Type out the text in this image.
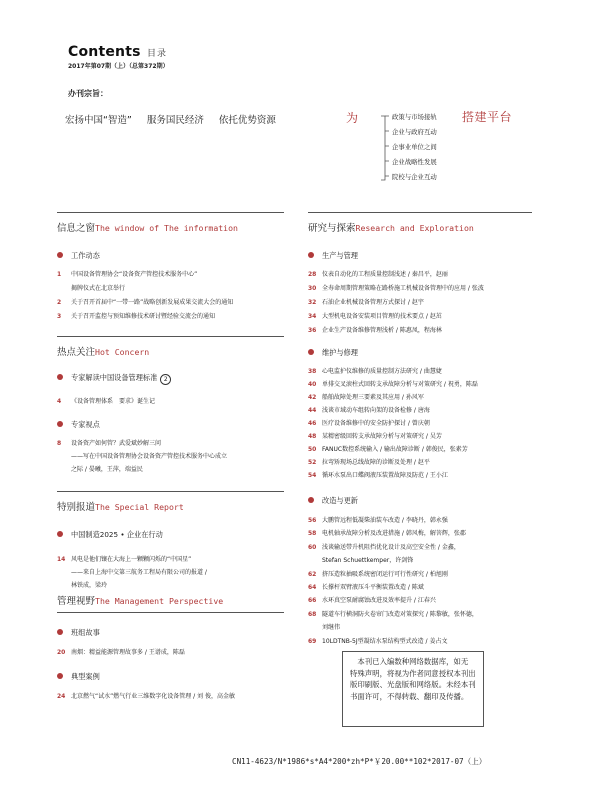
Contents 目录
2017年第07期（上）（总第372期）
办刊宗旨：
宏扬中国“智造” 服务国民经济 依托优势资源	为	政策与市场接轨
企业与政府互动
企事业单位之间
企业战略性发展
院校与企业互动
搭建平台
信息之窗The window of The information
工作动态
1 中国设备管理协会“设备资产管控技术服务中心”
揭牌仪式在北京举行
2 关于召开首届中“一带一路”战略创新发展成果交流大会的通知
3 关于召开监控与预知维修技术研讨暨经验交流会的通知
热点关注Hot Concern
专家解读中国设备管理标准 2
4 《设备管理体系　要求》诞生记
专家视点
8 设备资产如何管？武爱斌妙解三问
——写在中国设备管理协会设备资产管控技术服务中心成立
之际 / 晏曦，王萍，端益民
特别报道The Special Report
中国制造2025 • 企业在行动
14 风电是他们镶在大海上一颗颗闪烁的“中国星”
——来自上海中交第三航务工程局有限公司的报道 /
林铁成，梁玲
管理视野The Management Perspective
班组故事
20 南烟：精益能源管理故事多 / 王谱成，陈磊
典型案例
24 北京燃气“试水”燃气行业三维数字化设备管理 / 刘 俊，高金敏
研究与探索Research and Exploration
生产与管理
28 仪表自动化的工程质量控制浅述 / 秦昌平，赵丽
30 全寿命周期管理策略在路桥施工机械设备管理中的应用 / 张波
32 石油企业机械设备管理方式探讨 / 赵宇
34 大型机电设备安装项目管理的技术要点 / 赵茁
36 企业生产设备维修管理浅析 / 陈惠凤，程海林
维护与修理
38 心电监护仪维修的质量控制方法研究 / 曲慧婕
40 单排交叉滚柱式回转支承故障分析与对策研究 / 祝勇，陈磊
42 船舶故障处理三要素及其应用 / 孙风军
44 浅谈市域动车组转向架的设备检修 / 唐海
46 医疗设备维修中的安全防护探讨 / 曾庆朝
48 某精密级回转支承故障分析与对策研究 / 吴芳
50 FANUC数控系统输入 / 输出故障诊断 / 韩俊民，张素芳
52 拉弯矫现场总线故障的诊断及处理 / 赵平
54 循环水泵出口蝶阀液压装置故障及防范 / 王小江
改造与更新
56 大鹏管远程低凝柴油装车改造 / 李晓丹，韩永强
58 电机轴承故障分析及改进措施 / 韩风梅，解菩辉，张郡
60 浅谈输送带升机阻挡优化设计及高空安全性 / 金鑫，
Stefan Schuettkemper，许剑锋
62 挤压造粒抽吸系统密闭运行可行性研究 / 柏旭刚
64 长撑杆双臂液压斗平衡装置改造 / 陈斌
66 水环真空泵耐腐蚀改进及效率提升 / 江春兴
68 隧道车行横洞防火卷帘门改造对策探究 / 陈黎敏，张怀德，
刘继伟
69 10LDTNB-5J型凝结水泵结构型式改造 / 姜占文
本刊已入编数种网络数据库，如无
特殊声明，将视为作者同意授权本刊出
版印刷版、光盘版和网络版。未经本刊
书面许可，不得转载、翻印及传播。
CN11-4623/N*1986*s*A4*200*zh*P*￥20.00**102*2017-07（上）
